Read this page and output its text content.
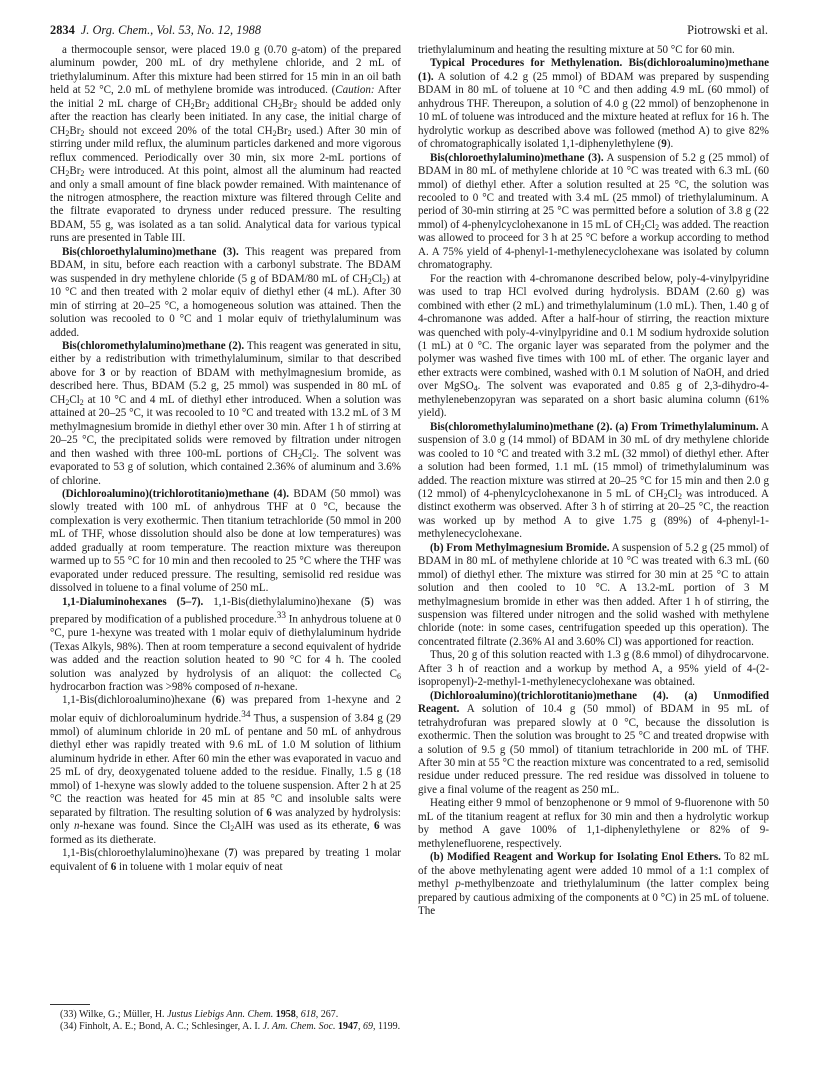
2834 J. Org. Chem., Vol. 53, No. 12, 1988	Piotrowski et al.

a thermocouple sensor, were placed 19.0 g (0.70 g-atom) of the prepared aluminum powder, 200 mL of dry methylene chloride, and 2 mL of triethylaluminum. After this mixture had been stirred for 15 min in an oil bath held at 52 °C, 2.0 mL of methylene bromide was introduced. (Caution: After the initial 2 mL charge of $CH_2Br_2$ additional $CH_2Br_2$ should be added only after the reaction has clearly been initiated. In any case, the initial charge of $CH_2Br_2$ should not exceed 20% of the total $CH_2Br_2$ used.) After 30 min of stirring under mild reflux, the aluminum particles darkened and more vigorous reflux commenced. Periodically over 30 min, six more 2-mL portions of $CH_2Br_2$ were introduced. At this point, almost all the aluminum had reacted and only a small amount of fine black powder remained. With maintenance of the nitrogen atmosphere, the reaction mixture was filtered through Celite and the filtrate evaporated to dryness under reduced pressure. The resulting BDAM, 55 g, was isolated as a tan solid. Analytical data for various typical runs are presented in Table III.

Bis(chloroethylalumino)methane (3). This reagent was prepared from BDAM, in situ, before each reaction with a carbonyl substrate. The BDAM was suspended in dry methylene chloride (5 g of BDAM/80 mL of $CH_2Cl_2$) at 10 °C and then treated with 2 molar equiv of diethyl ether (4 mL). After 30 min of stirring at 20–25 °C, a homogeneous solution was attained. Then the solution was recooled to 0 °C and 1 molar equiv of triethylaluminum was added.

Bis(chloromethylalumino)methane (2). This reagent was generated in situ, either by a redistribution with trimethylaluminum, similar to that described above for 3 or by reaction of BDAM with methylmagnesium bromide, as described here. Thus, BDAM (5.2 g, 25 mmol) was suspended in 80 mL of $CH_2Cl_2$ at 10 °C and 4 mL of diethyl ether introduced. When a solution was attained at 20–25 °C, it was recooled to 10 °C and treated with 13.2 mL of 3 M methylmagnesium bromide in diethyl ether over 30 min. After 1 h of stirring at 20–25 °C, the precipitated solids were removed by filtration under nitrogen and then washed with three 100-mL portions of $CH_2Cl_2$. The solvent was evaporated to 53 g of solution, which contained 2.36% of aluminum and 3.6% of chlorine.

(Dichloroalumino)(trichlorotitanio)methane (4). BDAM (50 mmol) was slowly treated with 100 mL of anhydrous THF at 0 °C, because the complexation is very exothermic. Then titanium tetrachloride (50 mmol in 200 mL of THF, whose dissolution should also be done at low temperatures) was added gradually at room temperature. The reaction mixture was thereupon warmed up to 55 °C for 10 min and then recooled to 25 °C where the THF was evaporated under reduced pressure. The resulting, semisolid red residue was dissolved in toluene to a final volume of 250 mL.

1,1-Dialuminohexanes (5–7). 1,1-Bis(diethylalumino)hexane (5) was prepared by modification of a published procedure.$^{33}$ In anhydrous toluene at 0 °C, pure 1-hexyne was treated with 1 molar equiv of diethylaluminum hydride (Texas Alkyls, 98%). Then at room temperature a second equivalent of hydride was added and the reaction solution heated to 90 °C for 4 h. The cooled solution was analyzed by hydrolysis of an aliquot: the collected $C_6$ hydrocarbon fraction was >98% composed of n-hexane.

1,1-Bis(dichloroalumino)hexane (6) was prepared from 1-hexyne and 2 molar equiv of dichloroaluminum hydride.$^{34}$ Thus, a suspension of 3.84 g (29 mmol) of aluminum chloride in 20 mL of pentane and 50 mL of anhydrous diethyl ether was rapidly treated with 9.6 mL of 1.0 M solution of lithium aluminum hydride in ether. After 60 min the ether was evaporated in vacuo and 25 mL of dry, deoxygenated toluene added to the residue. Finally, 1.5 g (18 mmol) of 1-hexyne was slowly added to the toluene suspension. After 2 h at 25 °C the reaction was heated for 45 min at 85 °C and insoluble salts were separated by filtration. The resulting solution of 6 was analyzed by hydrolysis: only n-hexane was found. Since the $Cl_2AlH$ was used as its etherate, 6 was formed as its dietherate.

1,1-Bis(chloroethylalumino)hexane (7) was prepared by treating 1 molar equivalent of 6 in toluene with 1 molar equiv of neat

triethylaluminum and heating the resulting mixture at 50 °C for 60 min.

Typical Procedures for Methylenation. Bis(dichloroalumino)methane (1). A solution of 4.2 g (25 mmol) of BDAM was prepared by suspending BDAM in 80 mL of toluene at 10 °C and then adding 4.9 mL (60 mmol) of anhydrous THF. Thereupon, a solution of 4.0 g (22 mmol) of benzophenone in 10 mL of toluene was introduced and the mixture heated at reflux for 16 h. The hydrolytic workup as described above was followed (method A) to give 82% of chromatographically isolated 1,1-diphenylethylene (9).

Bis(chloroethylalumino)methane (3). A suspension of 5.2 g (25 mmol) of BDAM in 80 mL of methylene chloride at 10 °C was treated with 6.3 mL (60 mmol) of diethyl ether. After a solution resulted at 25 °C, the solution was recooled to 0 °C and treated with 3.4 mL (25 mmol) of triethylaluminum. A period of 30-min stirring at 25 °C was permitted before a solution of 3.8 g (22 mmol) of 4-phenylcyclohexanone in 15 mL of $CH_2Cl_2$ was added. The reaction was allowed to proceed for 3 h at 25 °C before a workup according to method A. A 75% yield of 4-phenyl-1-methylenecyclohexane was isolated by column chromatography.

For the reaction with 4-chromanone described below, poly-4-vinylpyridine was used to trap HCl evolved during hydrolysis. BDAM (2.60 g) was combined with ether (2 mL) and trimethylaluminum (1.0 mL). Then, 1.40 g of 4-chromanone was added. After a half-hour of stirring, the reaction mixture was quenched with poly-4-vinylpyridine and 0.1 M sodium hydroxide solution (1 mL) at 0 °C. The organic layer was separated from the polymer and the polymer was washed five times with 100 mL of ether. The organic layer and ether extracts were combined, washed with 0.1 M solution of NaOH, and dried over MgSO$_4$. The solvent was evaporated and 0.85 g of 2,3-dihydro-4-methylenebenzopyran was separated on a short basic alumina column (61% yield).

Bis(chloromethylalumino)methane (2). (a) From Trimethylaluminum. A suspension of 3.0 g (14 mmol) of BDAM in 30 mL of dry methylene chloride was cooled to 10 °C and treated with 3.2 mL (32 mmol) of diethyl ether. After a solution had been formed, 1.1 mL (15 mmol) of trimethylaluminum was added. The reaction mixture was stirred at 20–25 °C for 15 min and then 2.0 g (12 mmol) of 4-phenylcyclohexanone in 5 mL of $CH_2Cl_2$ was introduced. A distinct exotherm was observed. After 3 h of stirring at 20–25 °C, the reaction was worked up by method A to give 1.75 g (89%) of 4-phenyl-1-methylenecyclohexane.

(b) From Methylmagnesium Bromide. A suspension of 5.2 g (25 mmol) of BDAM in 80 mL of methylene chloride at 10 °C was treated with 6.3 mL (60 mmol) of diethyl ether. The mixture was stirred for 30 min at 25 °C to attain solution and then cooled to 10 °C. A 13.2-mL portion of 3 M methylmagnesium bromide in ether was then added. After 1 h of stirring, the suspension was filtered under nitrogen and the solid washed with methylene chloride (note: in some cases, centrifugation speeded up this operation). The concentrated filtrate (2.36% Al and 3.60% Cl) was apportioned for reaction.

Thus, 20 g of this solution reacted with 1.3 g (8.6 mmol) of dihydrocarvone. After 3 h of reaction and a workup by method A, a 95% yield of 4-(2-isopropenyl)-2-methyl-1-methylenecyclohexane was obtained.

(Dichloroalumino)(trichlorotitanio)methane (4). (a) Unmodified Reagent. A solution of 10.4 g (50 mmol) of BDAM in 95 mL of tetrahydrofuran was prepared slowly at 0 °C, because the dissolution is exothermic. Then the solution was brought to 25 °C and treated dropwise with a solution of 9.5 g (50 mmol) of titanium tetrachloride in 200 mL of THF. After 30 min at 55 °C the reaction mixture was concentrated to a red, semisolid residue under reduced pressure. The red residue was dissolved in toluene to give a final volume of the reagent as 250 mL.

Heating either 9 mmol of benzophenone or 9 mmol of 9-fluorenone with 50 mL of the titanium reagent at reflux for 30 min and then a hydrolytic workup by method A gave 100% of 1,1-diphenylethylene or 82% of 9-methylenefluorene, respectively.

(b) Modified Reagent and Workup for Isolating Enol Ethers. To 82 mL of the above methylenating agent were added 10 mmol of a 1:1 complex of methyl p-methylbenzoate and triethylaluminum (the latter complex being prepared by cautious admixing of the components at 0 °C) in 25 mL of toluene. The

(33) Wilke, G.; Müller, H. Justus Liebigs Ann. Chem. 1958, 618, 267.

(34) Finholt, A. E.; Bond, A. C.; Schlesinger, A. I. J. Am. Chem. Soc. 1947, 69, 1199.
